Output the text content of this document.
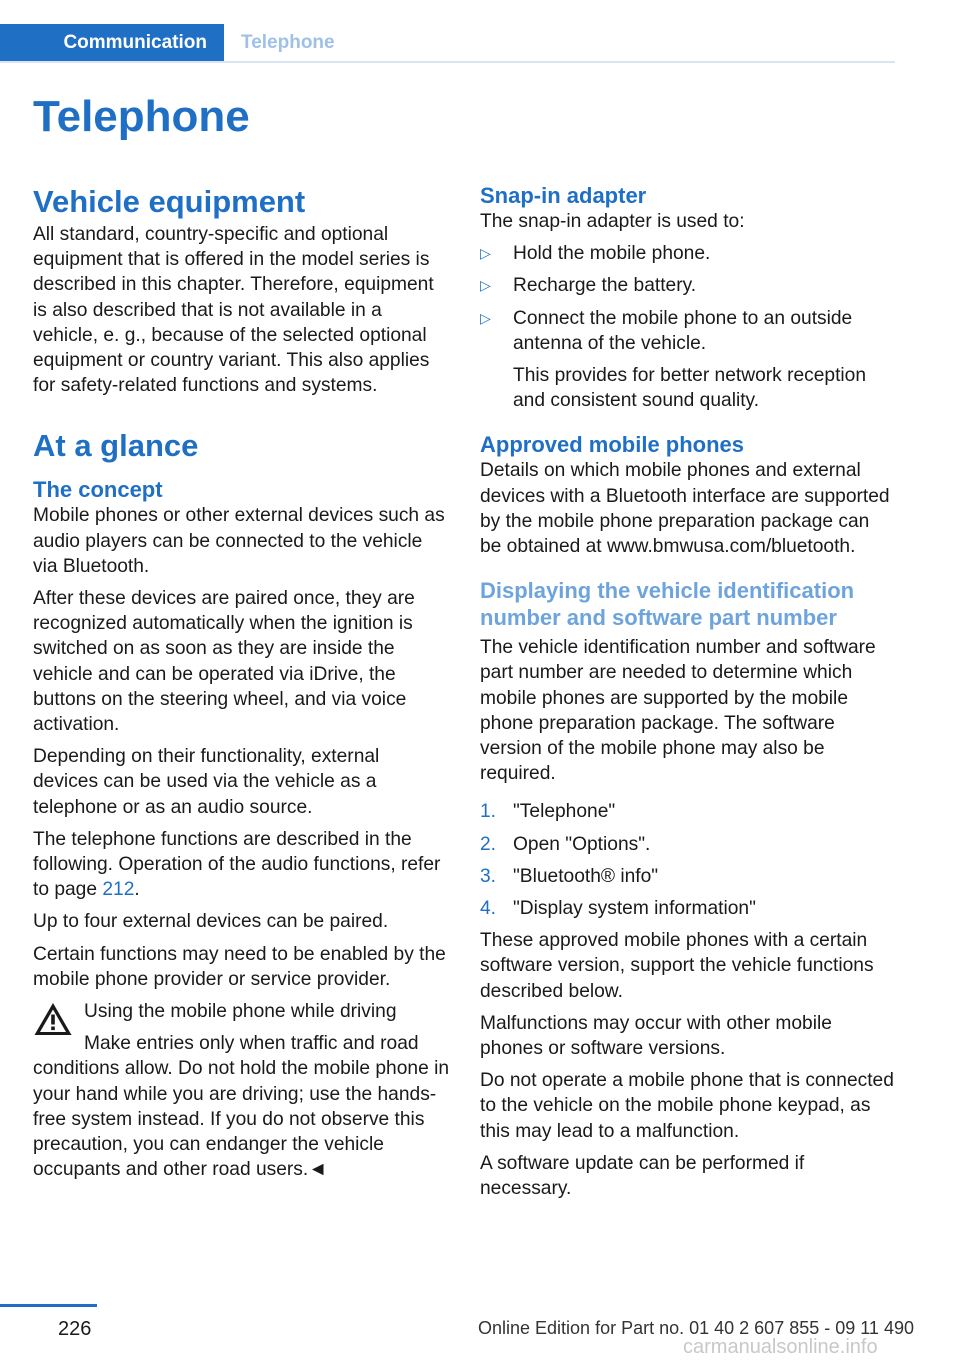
Communication	Telephone
Telephone
Vehicle equipment

All standard, country-specific and optional equipment that is offered in the model series is described in this chapter. Therefore, equipment is also described that is not available in a vehicle, e. g., because of the selected optional equipment or country variant. This also applies for safety-related functions and systems.

At a glance
The concept

Mobile phones or other external devices such as audio players can be connected to the vehicle via Bluetooth.

After these devices are paired once, they are recognized automatically when the ignition is switched on as soon as they are inside the vehicle and can be operated via iDrive, the buttons on the steering wheel, and via voice activation.

Depending on their functionality, external devices can be used via the vehicle as a telephone or as an audio source.

The telephone functions are described in the following. Operation of the audio functions, refer to page 212.

Up to four external devices can be paired.

Certain functions may need to be enabled by the mobile phone provider or service provider.

Using the mobile phone while driving

Make entries only when traffic and road conditions allow. Do not hold the mobile phone in your hand while you are driving; use the hands-free system instead. If you do not observe this precaution, you can endanger the vehicle occupants and other road users.◄

Snap-in adapter

The snap-in adapter is used to:

▷ Hold the mobile phone.
▷ Recharge the battery.
▷ Connect the mobile phone to an outside antenna of the vehicle.
This provides for better network reception and consistent sound quality.
Approved mobile phones

Details on which mobile phones and external devices with a Bluetooth interface are supported by the mobile phone preparation package can be obtained at www.bmwusa.com/bluetooth.

Displaying the vehicle identification number and software part number

The vehicle identification number and software part number are needed to determine which mobile phones are supported by the mobile phone preparation package. The software version of the mobile phone may also be required.

1. "Telephone"
2. Open "Options".
3. "Bluetooth® info"
4. "Display system information"

These approved mobile phones with a certain software version, support the vehicle functions described below.

Malfunctions may occur with other mobile phones or software versions.

Do not operate a mobile phone that is connected to the vehicle on the mobile phone keypad, as this may lead to a malfunction.

A software update can be performed if necessary.

226	Online Edition for Part no. 01 40 2 607 855 - 09 11 490
carmanualsonline.info
